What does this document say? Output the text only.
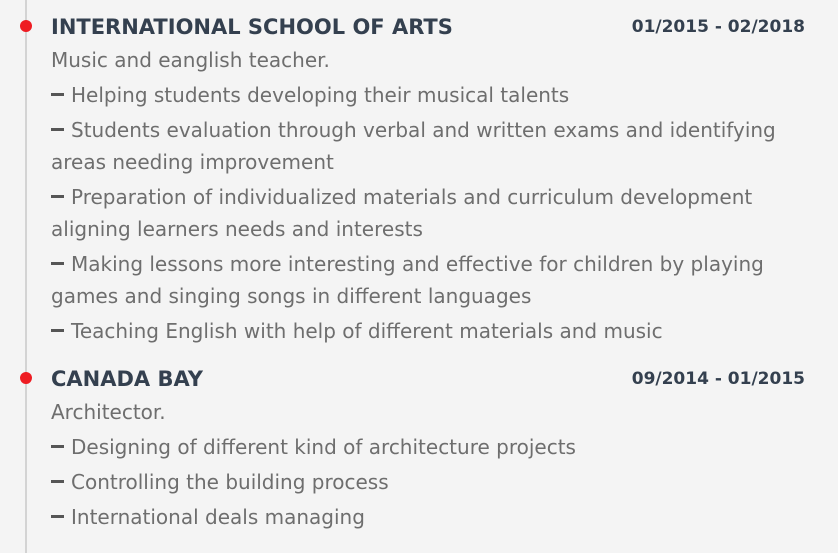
INTERNATIONAL SCHOOL OF ARTS	01/2015 - 02/2018
Music and eanglish teacher.
Helping students developing their musical talents
Students evaluation through verbal and written exams and identifying areas needing improvement
Preparation of individualized materials and curriculum development aligning learners needs and interests
Making lessons more interesting and effective for children by playing games and singing songs in different languages
Teaching English with help of different materials and music
CANADA BAY	09/2014 - 01/2015
Architector.
Designing of different kind of architecture projects
Controlling the building process
International deals managing
